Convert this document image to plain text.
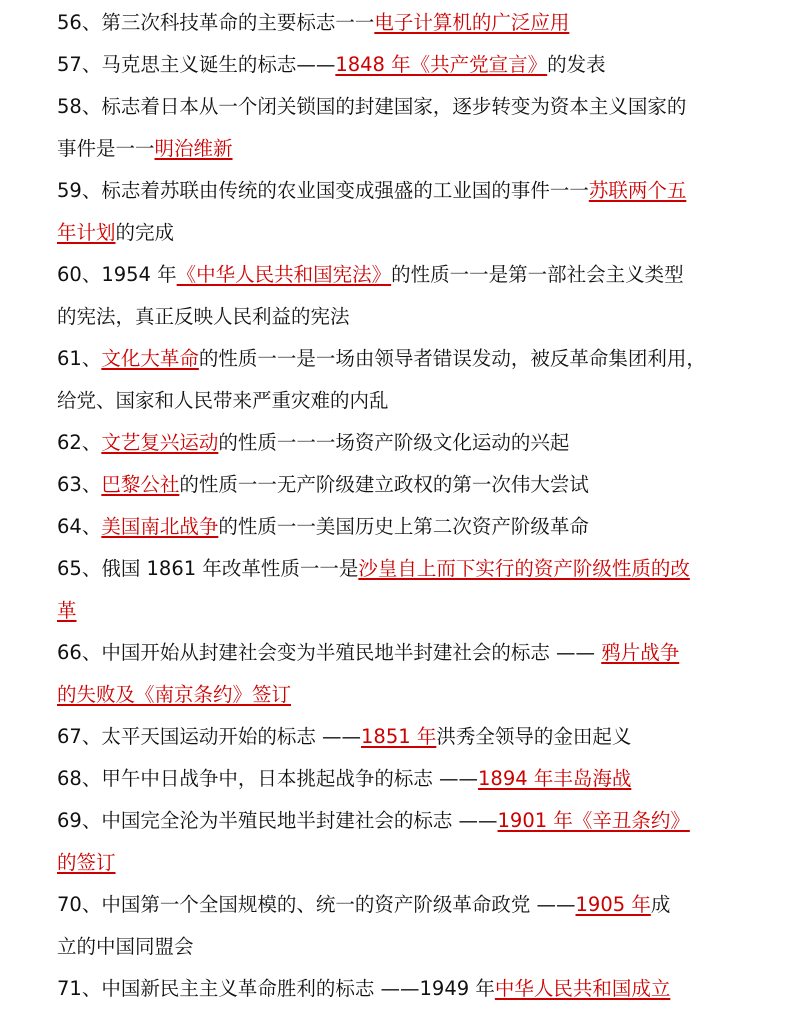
56、第三次科技革命的主要标志一一电子计算机的广泛应用
57、马克思主义诞生的标志——1848 年《共产党宣言》的发表
58、标志着日本从一个闭关锁国的封建国家，逐步转变为资本主义国家的
事件是一一明治维新
59、标志着苏联由传统的农业国变成强盛的工业国的事件一一苏联两个五
年计划的完成
60、1954 年《中华人民共和国宪法》的性质一一是第一部社会主义类型
的宪法，真正反映人民利益的宪法
61、文化大革命的性质一一是一场由领导者错误发动，被反革命集团利用，
给党、国家和人民带来严重灾难的内乱
62、文艺复兴运动的性质一一一场资产阶级文化运动的兴起
63、巴黎公社的性质一一无产阶级建立政权的第一次伟大尝试
64、美国南北战争的性质一一美国历史上第二次资产阶级革命
65、俄国 1861 年改革性质一一是沙皇自上而下实行的资产阶级性质的改
革
66、中国开始从封建社会变为半殖民地半封建社会的标志 —— 鸦片战争
的失败及《南京条约》签订
67、太平天国运动开始的标志 ——1851 年洪秀全领导的金田起义
68、甲午中日战争中，日本挑起战争的标志 ——1894 年丰岛海战
69、中国完全沦为半殖民地半封建社会的标志 ——1901 年《辛丑条约》
的签订
70、中国第一个全国规模的、统一的资产阶级革命政党 ——1905 年成
立的中国同盟会
71、中国新民主主义革命胜利的标志 ——1949 年中华人民共和国成立
